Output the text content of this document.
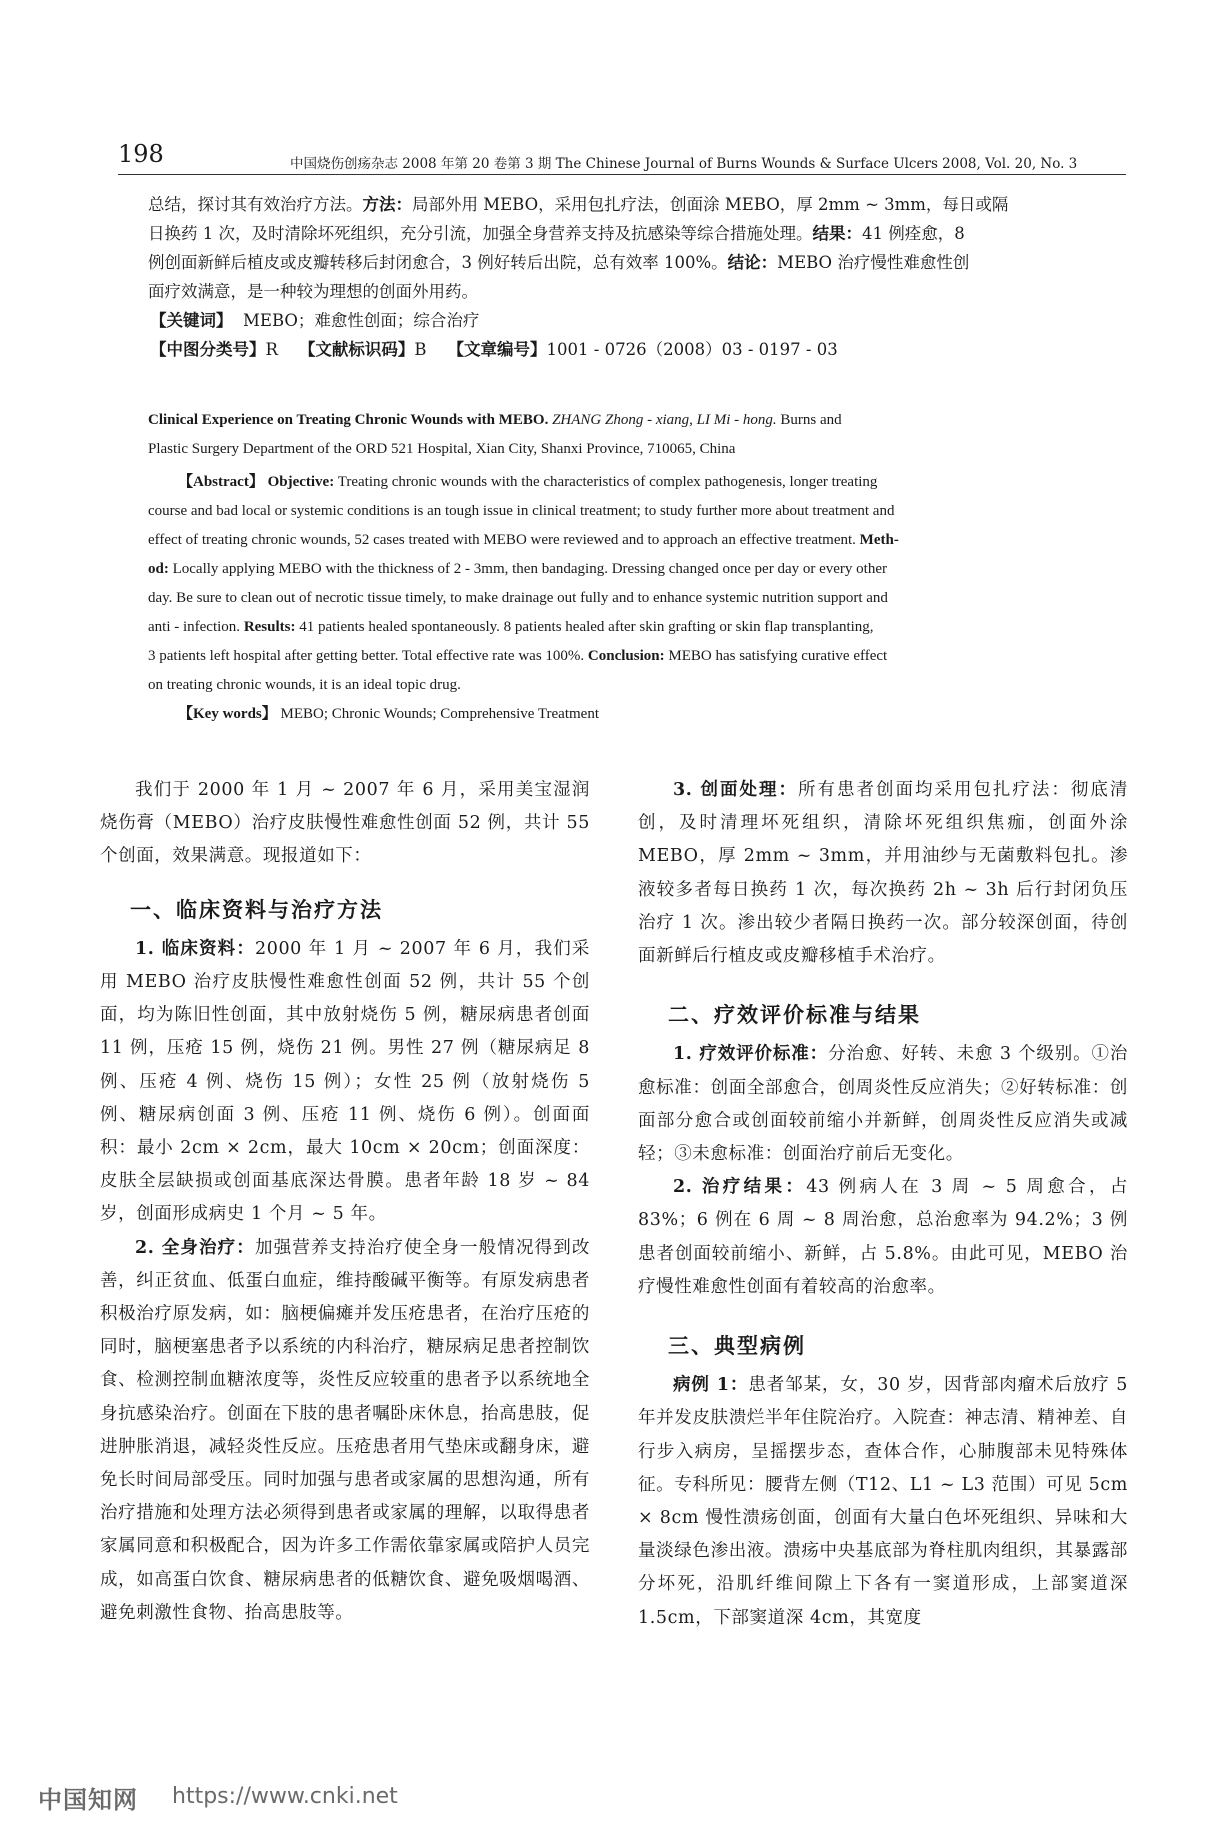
198	中国烧伤创疡杂志 2008 年第 20 卷第 3 期 The Chinese Journal of Burns Wounds & Surface Ulcers 2008, Vol. 20, No. 3
总结，探讨其有效治疗方法。方法：局部外用 MEBO，采用包扎疗法，创面涂 MEBO，厚 2mm ~ 3mm，每日或隔
日换药 1 次，及时清除坏死组织，充分引流，加强全身营养支持及抗感染等综合措施处理。结果：41 例痊愈，8
例创面新鲜后植皮或皮瓣转移后封闭愈合，3 例好转后出院，总有效率 100%。结论：MEBO 治疗慢性难愈性创
面疗效满意，是一种较为理想的创面外用药。
【关键词】 MEBO；难愈性创面；综合治疗
【中图分类号】R 【文献标识码】B 【文章编号】1001 - 0726（2008）03 - 0197 - 03
Clinical Experience on Treating Chronic Wounds with MEBO. ZHANG Zhong - xiang, LI Mi - hong. Burns and
Plastic Surgery Department of the ORD 521 Hospital, Xian City, Shanxi Province, 710065, China
【Abstract】 Objective: Treating chronic wounds with the characteristics of complex pathogenesis, longer treating
course and bad local or systemic conditions is an tough issue in clinical treatment; to study further more about treatment and
effect of treating chronic wounds, 52 cases treated with MEBO were reviewed and to approach an effective treatment. Meth-
od: Locally applying MEBO with the thickness of 2 - 3mm, then bandaging. Dressing changed once per day or every other
day. Be sure to clean out of necrotic tissue timely, to make drainage out fully and to enhance systemic nutrition support and
anti - infection. Results: 41 patients healed spontaneously. 8 patients healed after skin grafting or skin flap transplanting,
3 patients left hospital after getting better. Total effective rate was 100%. Conclusion: MEBO has satisfying curative effect
on treating chronic wounds, it is an ideal topic drug.
【Key words】 MEBO; Chronic Wounds; Comprehensive Treatment

我们于 2000 年 1 月 ~ 2007 年 6 月，采用美宝湿润烧伤膏（MEBO）治疗皮肤慢性难愈性创面 52 例，共计 55 个创面，效果满意。现报道如下：

一、临床资料与治疗方法

1. 临床资料：2000 年 1 月 ~ 2007 年 6 月，我们采用 MEBO 治疗皮肤慢性难愈性创面 52 例，共计 55 个创面，均为陈旧性创面，其中放射烧伤 5 例，糖尿病患者创面 11 例，压疮 15 例，烧伤 21 例。男性 27 例（糖尿病足 8 例、压疮 4 例、烧伤 15 例）；女性 25 例（放射烧伤 5 例、糖尿病创面 3 例、压疮 11 例、烧伤 6 例）。创面面积：最小 2cm × 2cm，最大 10cm × 20cm；创面深度：皮肤全层缺损或创面基底深达骨膜。患者年龄 18 岁 ~ 84 岁，创面形成病史 1 个月 ~ 5 年。

2. 全身治疗：加强营养支持治疗使全身一般情况得到改善，纠正贫血、低蛋白血症，维持酸碱平衡等。有原发病患者积极治疗原发病，如：脑梗偏瘫并发压疮患者，在治疗压疮的同时，脑梗塞患者予以系统的内科治疗，糖尿病足患者控制饮食、检测控制血糖浓度等，炎性反应较重的患者予以系统地全身抗感染治疗。创面在下肢的患者嘱卧床休息，抬高患肢，促进肿胀消退，减轻炎性反应。压疮患者用气垫床或翻身床，避免长时间局部受压。同时加强与患者或家属的思想沟通，所有治疗措施和处理方法必须得到患者或家属的理解，以取得患者家属同意和积极配合，因为许多工作需依靠家属或陪护人员完成，如高蛋白饮食、糖尿病患者的低糖饮食、避免吸烟喝酒、避免刺激性食物、抬高患肢等。

3. 创面处理：所有患者创面均采用包扎疗法：彻底清创，及时清理坏死组织，清除坏死组织焦痂，创面外涂 MEBO，厚 2mm ~ 3mm，并用油纱与无菌敷料包扎。渗液较多者每日换药 1 次，每次换药 2h ~ 3h 后行封闭负压治疗 1 次。渗出较少者隔日换药一次。部分较深创面，待创面新鲜后行植皮或皮瓣移植手术治疗。

二、疗效评价标准与结果

1. 疗效评价标准：分治愈、好转、未愈 3 个级别。①治愈标准：创面全部愈合，创周炎性反应消失；②好转标准：创面部分愈合或创面较前缩小并新鲜，创周炎性反应消失或减轻；③未愈标准：创面治疗前后无变化。

2. 治疗结果：43 例病人在 3 周 ~ 5 周愈合，占 83%；6 例在 6 周 ~ 8 周治愈，总治愈率为 94.2%；3 例患者创面较前缩小、新鲜，占 5.8%。由此可见，MEBO 治疗慢性难愈性创面有着较高的治愈率。

三、典型病例

病例 1：患者邹某，女，30 岁，因背部肉瘤术后放疗 5 年并发皮肤溃烂半年住院治疗。入院查：神志清、精神差、自行步入病房，呈摇摆步态，查体合作，心肺腹部未见特殊体征。专科所见：腰背左侧（T12、L1 ~ L3 范围）可见 5cm × 8cm 慢性溃疡创面，创面有大量白色坏死组织、异味和大量淡绿色渗出液。溃疡中央基底部为脊柱肌肉组织，其暴露部分坏死，沿肌纤维间隙上下各有一窦道形成，上部窦道深 1.5cm，下部窦道深 4cm，其宽度

中国知网 https://www.cnki.net
